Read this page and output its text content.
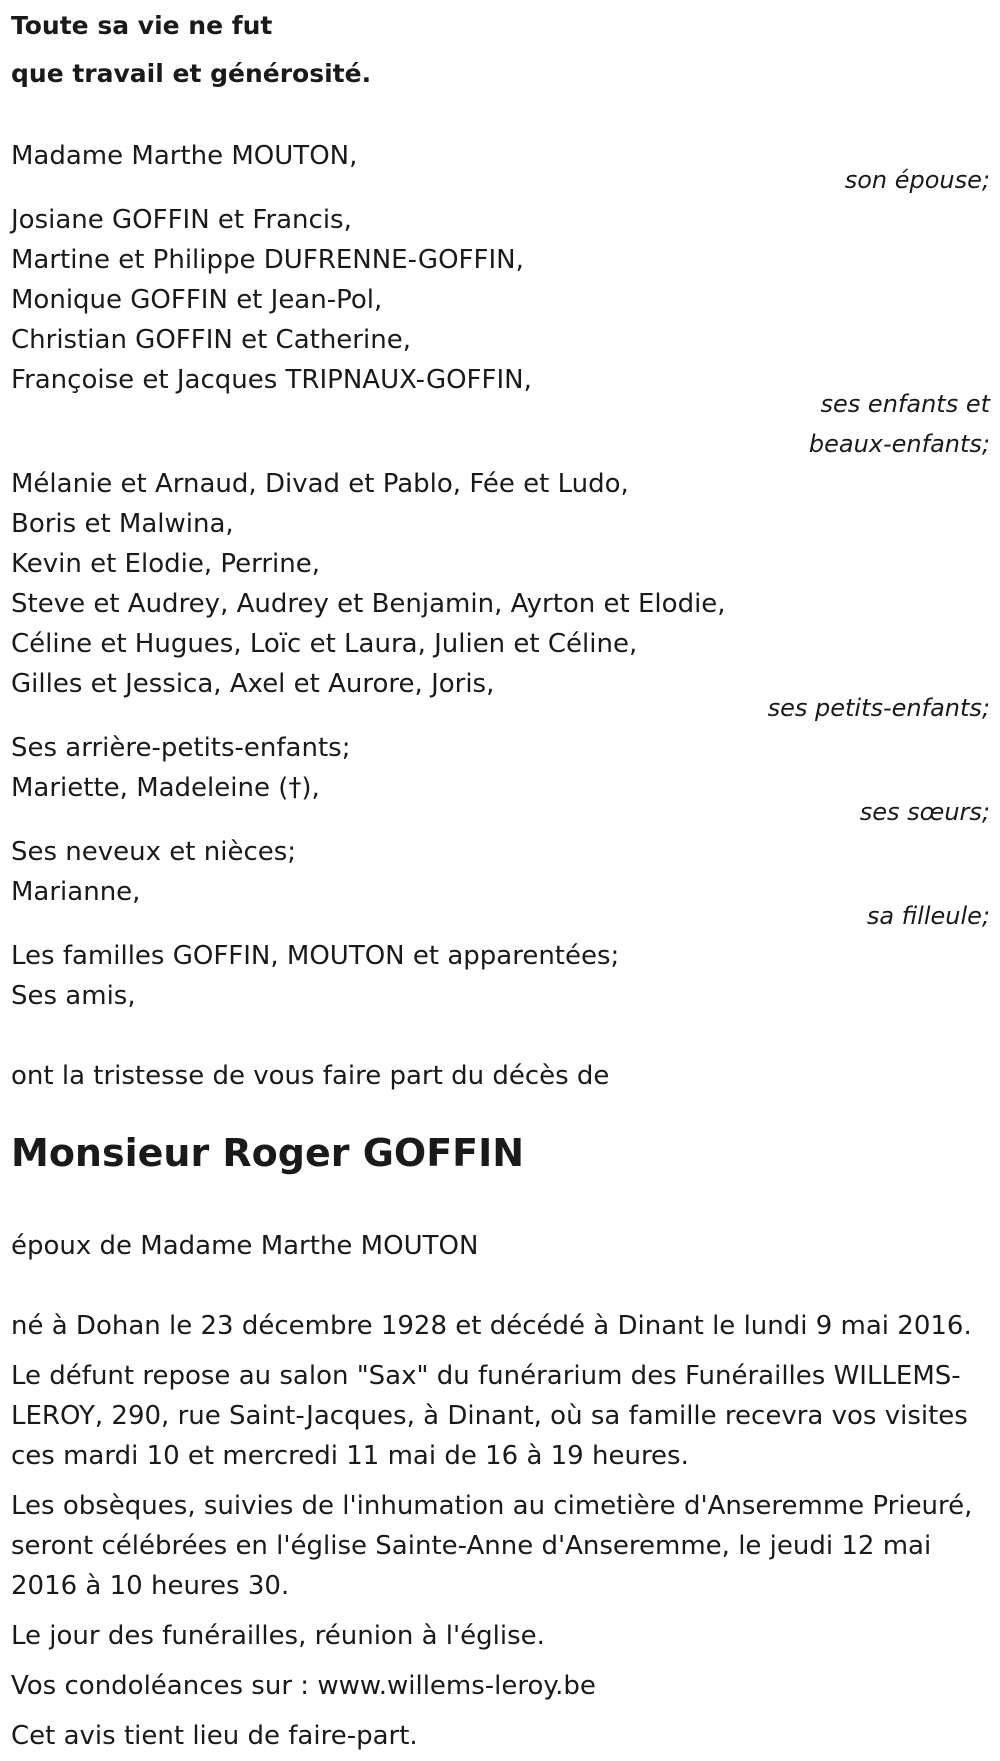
Toute sa vie ne fut
que travail et générosité.
Madame Marthe MOUTON,
son épouse;
Josiane GOFFIN et Francis,
Martine et Philippe DUFRENNE-GOFFIN,
Monique GOFFIN et Jean-Pol,
Christian GOFFIN et Catherine,
Françoise et Jacques TRIPNAUX-GOFFIN,
ses enfants et
beaux-enfants;
Mélanie et Arnaud, Divad et Pablo, Fée et Ludo,
Boris et Malwina,
Kevin et Elodie, Perrine,
Steve et Audrey, Audrey et Benjamin, Ayrton et Elodie,
Céline et Hugues, Loïc et Laura, Julien et Céline,
Gilles et Jessica, Axel et Aurore, Joris,
ses petits-enfants;
Ses arrière-petits-enfants;
Mariette, Madeleine (†),
ses sœurs;
Ses neveux et nièces;
Marianne,
sa filleule;
Les familles GOFFIN, MOUTON et apparentées;
Ses amis,
ont la tristesse de vous faire part du décès de
Monsieur Roger GOFFIN
époux de Madame Marthe MOUTON
né à Dohan le 23 décembre 1928 et décédé à Dinant le lundi 9 mai 2016.
Le défunt repose au salon "Sax" du funérarium des Funérailles WILLEMS-LEROY, 290, rue Saint-Jacques, à Dinant, où sa famille recevra vos visites ces mardi 10 et mercredi 11 mai de 16 à 19 heures.
Les obsèques, suivies de l'inhumation au cimetière d'Anseremme Prieuré, seront célébrées en l'église Sainte-Anne d'Anseremme, le jeudi 12 mai 2016 à 10 heures 30.
Le jour des funérailles, réunion à l'église.
Vos condoléances sur : www.willems-leroy.be
Cet avis tient lieu de faire-part.
